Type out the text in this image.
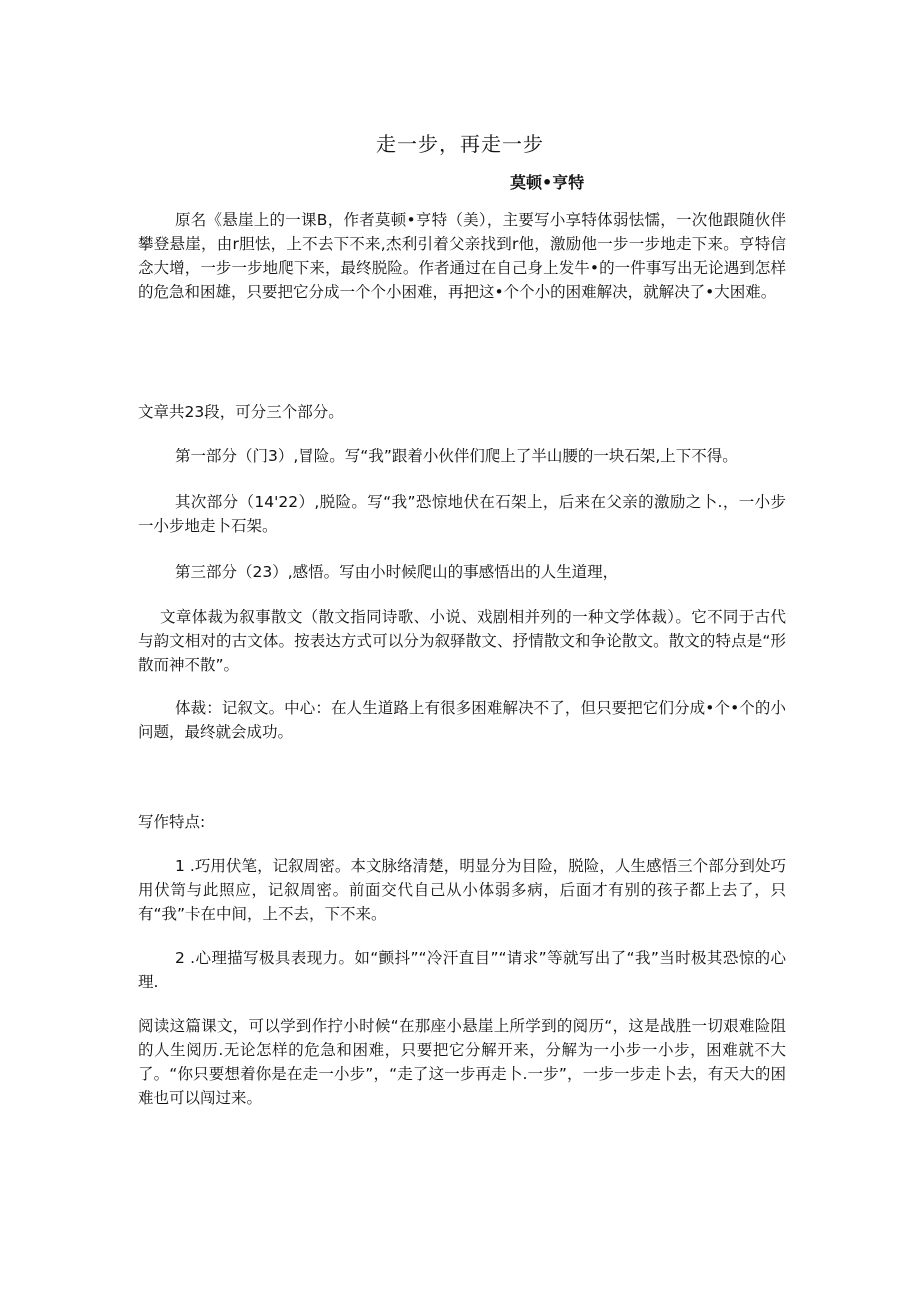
走一步，再走一步
莫顿•亨特

原名《悬崖上的一课B，作者莫顿•亨特（美），主要写小享特体弱怯懦，一次他跟随伙伴攀登悬崖，由r胆怯，上不去下不来,杰利引着父亲找到r他，激励他一步一步地走下来。亨特信念大增，一步一步地爬下来，最终脱险。作者通过在自己身上发牛•的一件事写出无论遇到怎样的危急和困雄，只要把它分成一个个小困难，再把这•个个小的困难解决，就解决了•大困难。

文章共23段，可分三个部分。

第一部分（门3）,冒险。写“我”跟着小伙伴们爬上了半山腰的一块石架,上下不得。

其次部分（14'22）,脱险。写“我”恐惊地伏在石架上，后来在父亲的激励之卜.，一小步一小步地走卜石架。

第三部分（23）,感悟。写由小时候爬山的事感悟出的人生道理，

文章体裁为叙事散文（散文指同诗歌、小说、戏剧相并列的一种文学体裁）。它不同于古代与韵文相对的古文体。按表达方式可以分为叙驿散文、抒情散文和争论散文。散文的特点是“形散而神不散”。

体裁：记叙文。中心：在人生道路上有很多困难解决不了，但只要把它们分成•个•个的小问题，最终就会成功。

写作特点:

1 .巧用伏笔，记叙周密。本文脉络清楚，明显分为目险，脱险，人生感悟三个部分到处巧用伏笥与此照应，记叙周密。前面交代自己从小体弱多病，后面才有别的孩子都上去了，只有“我”卡在中间，上不去，下不来。

2 .心理描写极具表现力。如“颤抖”“冷汗直目”“请求”等就写出了“我”当时极其恐惊的心理.

阅读这篇课文，可以学到作拧小时候“在那座小悬崖上所学到的阅历“，这是战胜一切艰难险阻的人生阅历.无论怎样的危急和困难，只要把它分解开来，分解为一小步一小步，困难就不大了。“你只要想着你是在走一小步”，“走了这一步再走卜.一步”，一步一步走卜去，有天大的困难也可以闯过来。
